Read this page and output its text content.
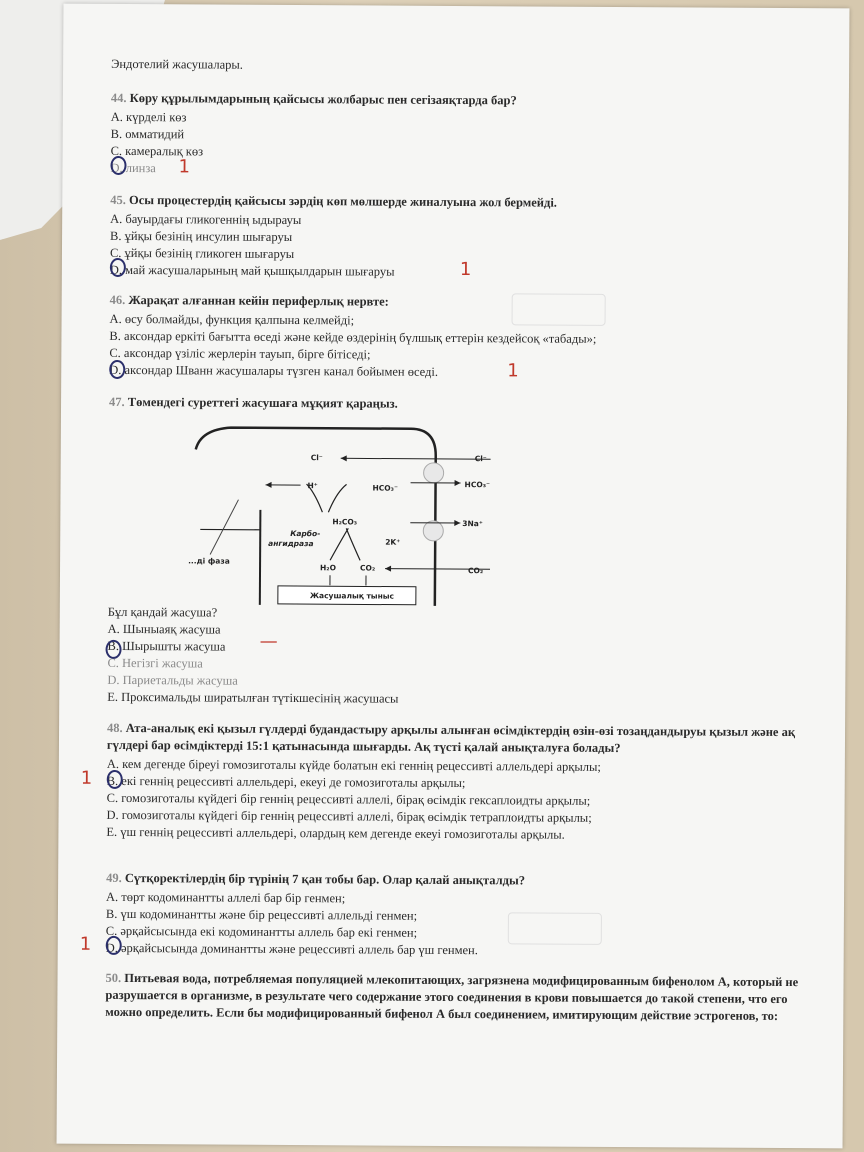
Эндотелий жасушалары.
44. Көру құрылымдарының қайсысы жолбарыс пен сегізаяқтарда бар?
A. күрделі көз
B. омматидий
C. камералық көз
D. линза
45. Осы процестердің қайсысы зәрдің көп мөлшерде жиналуына жол бермейді.
A. бауырдағы гликогеннің ыдырауы
B. ұйқы безінің инсулин шығаруы
C. ұйқы безінің гликоген шығаруы
D. май жасушаларының май қышқылдарын шығаруы
46. Жарақат алғаннан кейін периферлық нервте:
A. өсу болмайды, функция қалпына келмейді;
B. аксондар еркіті бағытта өседі және кейде өздерінің бүлшық еттерін кездейсоқ «табады»;
C. аксондар үзіліс жерлерін тауып, бірге бітіседі;
D. аксондар Шванн жасушалары түзген канал бойымен өседі.
47. Төмендегі суреттегі жасушаға мұқият қараңыз.
Cl⁻	Cl⁻
H⁺	HCO₃⁻	HCO₃⁻
H₂CO₃	3Na⁺
Карбо-
ангидраза	2K⁺
H₂O	CO₂	CO₂
...ді фаза
Жасушалық тыныс
Бұл қандай жасуша?
A. Шыныаяқ жасуша
B. Шырышты жасуша
C. Негізгі жасуша
D. Париетальды жасуша
E. Проксимальды ширатылған түтікшесінің жасушасы
48. Ата-аналық екі қызыл гүлдерді будандастыру арқылы алынған өсімдіктердің өзін-өзі тозаңдандыруы қызыл және ақ гүлдері бар өсімдіктерді 15:1 қатынасында шығарды. Ақ түсті қалай анықталуға болады?
A. кем дегенде біреуі гомозиготалы күйде болатын екі геннің рецессивті аллельдері арқылы;
B. екі геннің рецессивті аллельдері, екеуі де гомозиготалы арқылы;
C. гомозиготалы күйдегі бір геннің рецессивті аллелі, бірақ өсімдік гексаплоидты арқылы;
D. гомозиготалы күйдегі бір геннің рецессивті аллелі, бірақ өсімдік тетраплоидты арқылы;
E. үш геннің рецессивті аллельдері, олардың кем дегенде екеуі гомозиготалы арқылы.
49. Сүтқоректілердің бір түрінің 7 қан тобы бар. Олар қалай анықталды?
A. төрт кодоминантты аллелі бар бір генмен;
B. үш кодоминантты және бір рецессивті аллельді генмен;
C. әрқайсысында екі кодоминантты аллель бар екі генмен;
D. әрқайсысында доминантты және рецессивті аллель бар үш генмен.
50. Питьевая вода, потребляемая популяцией млекопитающих, загрязнена модифицированным бифенолом А, который не разрушается в организме, в результате чего содержание этого соединения в крови повышается до такой степени, что его можно определить. Если бы модифицированный бифенол А был соединением, имитирующим действие эстрогенов, то:
1
1
1
—
1
1
